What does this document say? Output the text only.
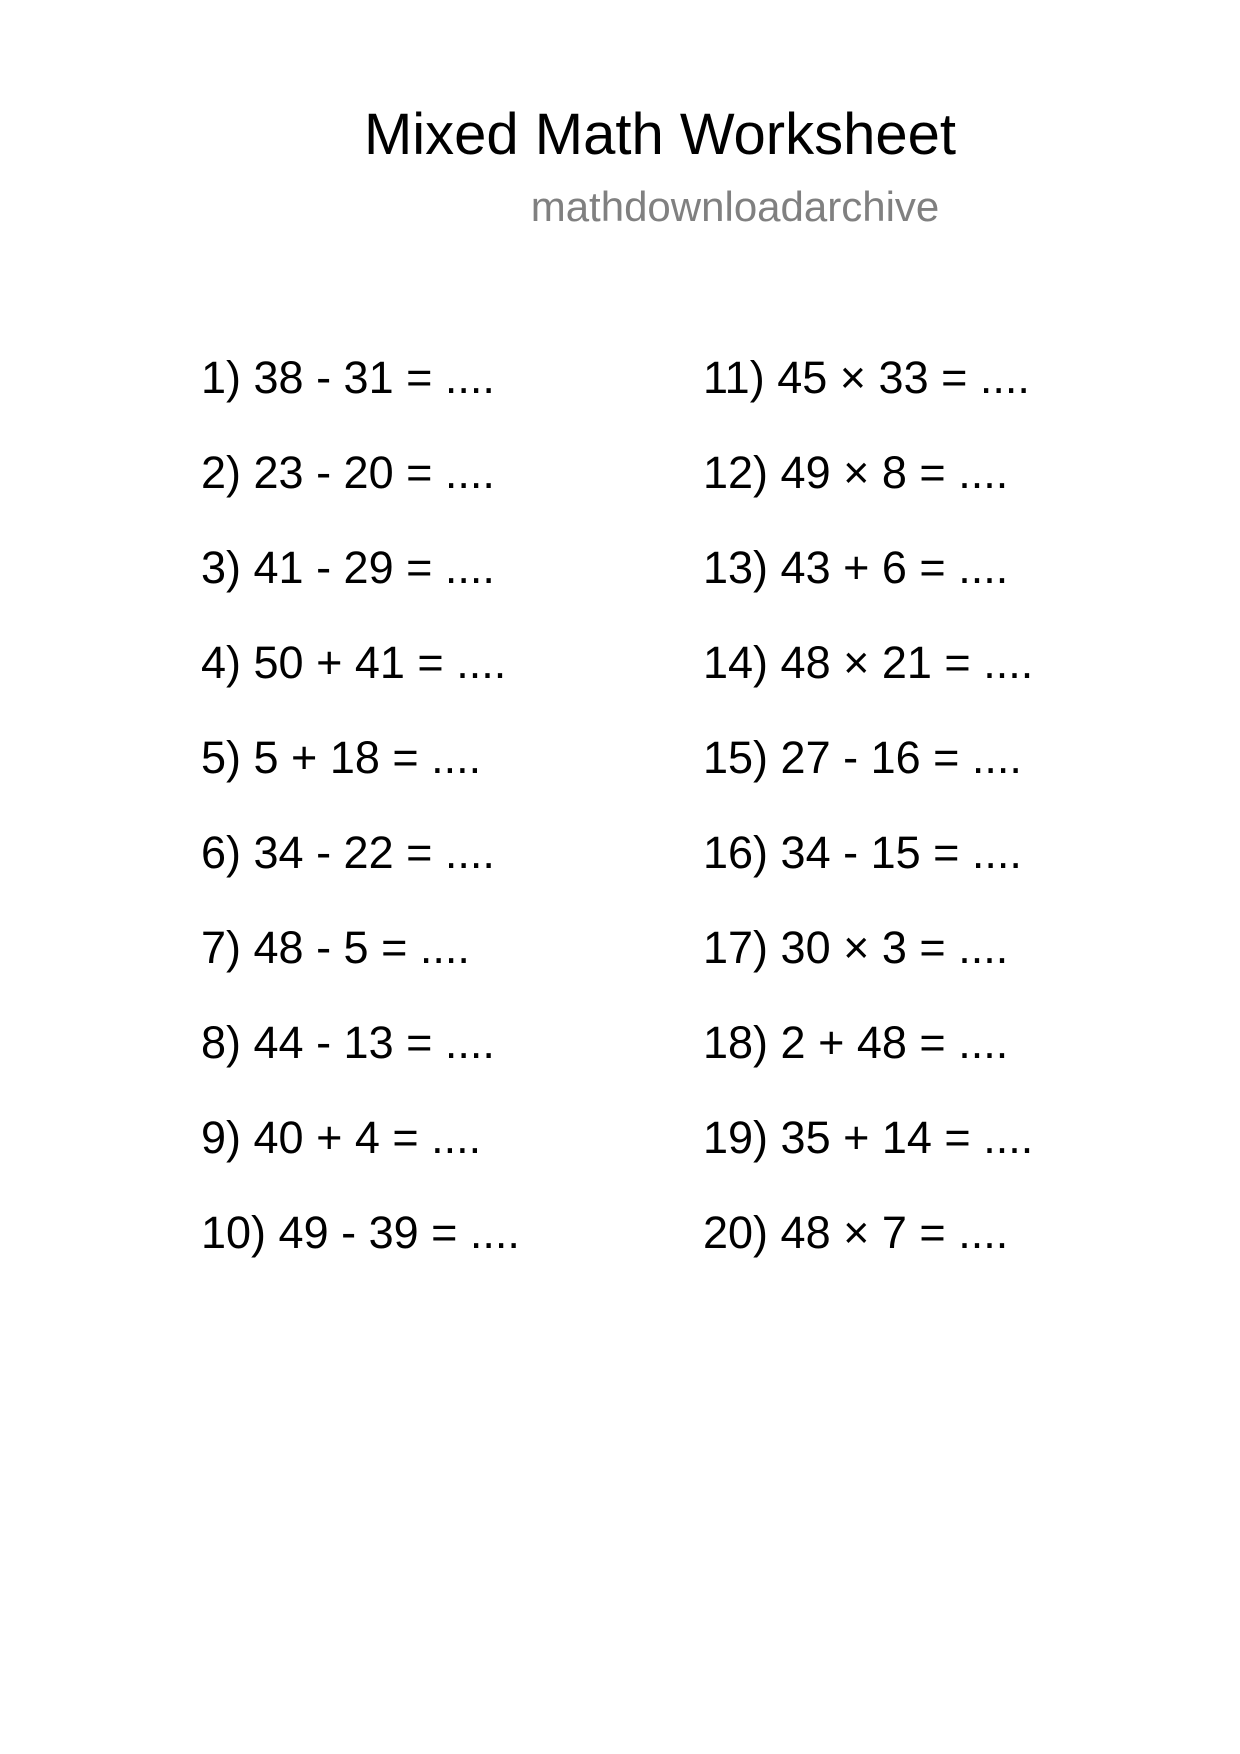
Mixed Math Worksheet
mathdownloadarchive
1) 38 - 31 = ....
2) 23 - 20 = ....
3) 41 - 29 = ....
4) 50 + 41 = ....
5) 5 + 18 = ....
6) 34 - 22 = ....
7) 48 - 5 = ....
8) 44 - 13 = ....
9) 40 + 4 = ....
10) 49 - 39 = ....
11) 45 × 33 = ....
12) 49 × 8 = ....
13) 43 + 6 = ....
14) 48 × 21 = ....
15) 27 - 16 = ....
16) 34 - 15 = ....
17) 30 × 3 = ....
18) 2 + 48 = ....
19) 35 + 14 = ....
20) 48 × 7 = ....
